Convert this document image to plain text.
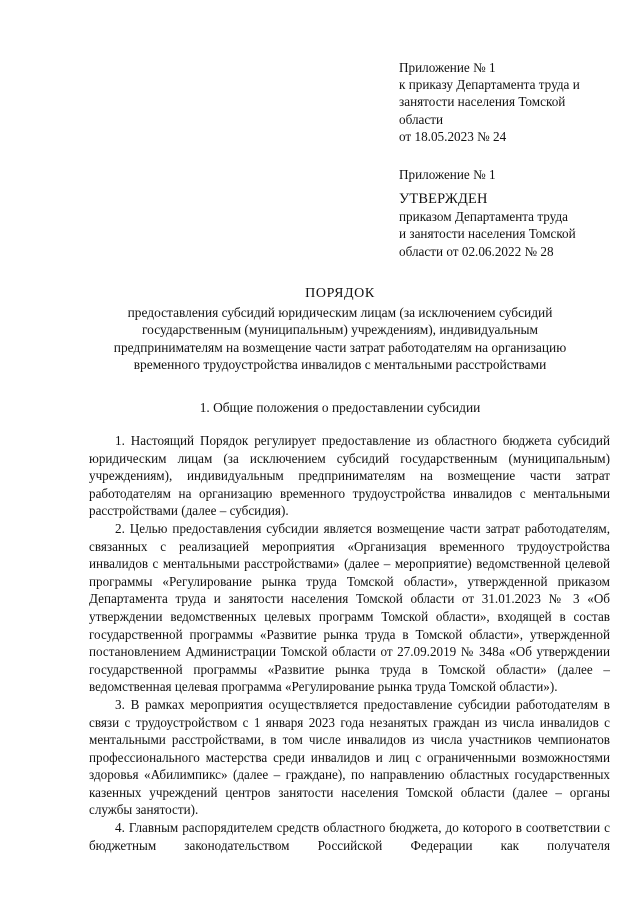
Приложение № 1
к приказу Департамента труда и
занятости населения Томской
области
от 18.05.2023 № 24
Приложение № 1
УТВЕРЖДЕН
приказом Департамента труда
и занятости населения Томской
области от 02.06.2022 № 28
ПОРЯДОК
предоставления субсидий юридическим лицам (за исключением субсидий
государственным (муниципальным) учреждениям), индивидуальным
предпринимателям на возмещение части затрат работодателям на организацию
временного трудоустройства инвалидов с ментальными расстройствами
1. Общие положения о предоставлении субсидии

1. Настоящий Порядок регулирует предоставление из областного бюджета субсидий юридическим лицам (за исключением субсидий государственным (муниципальным) учреждениям), индивидуальным предпринимателям на возмещение части затрат работодателям на организацию временного трудоустройства инвалидов с ментальными расстройствами (далее – субсидия).

2. Целью предоставления субсидии является возмещение части затрат работодателям, связанных с реализацией мероприятия «Организация временного трудоустройства инвалидов с ментальными расстройствами» (далее – мероприятие) ведомственной целевой программы «Регулирование рынка труда Томской области», утвержденной приказом Департамента труда и занятости населения Томской области от 31.01.2023 № 3 «Об утверждении ведомственных целевых программ Томской области», входящей в состав государственной программы «Развитие рынка труда в Томской области», утвержденной постановлением Администрации Томской области от 27.09.2019 № 348а «Об утверждении государственной программы «Развитие рынка труда в Томской области» (далее – ведомственная целевая программа «Регулирование рынка труда Томской области»).

3. В рамках мероприятия осуществляется предоставление субсидии работодателям в связи с трудоустройством с 1 января 2023 года незанятых граждан из числа инвалидов с ментальными расстройствами, в том числе инвалидов из числа участников чемпионатов профессионального мастерства среди инвалидов и лиц с ограниченными возможностями здоровья «Абилимпикс» (далее – граждане), по направлению областных государственных казенных учреждений центров занятости населения Томской области (далее – органы службы занятости).

4. Главным распорядителем средств областного бюджета, до которого в соответствии с бюджетным законодательством Российской Федерации как получателя
